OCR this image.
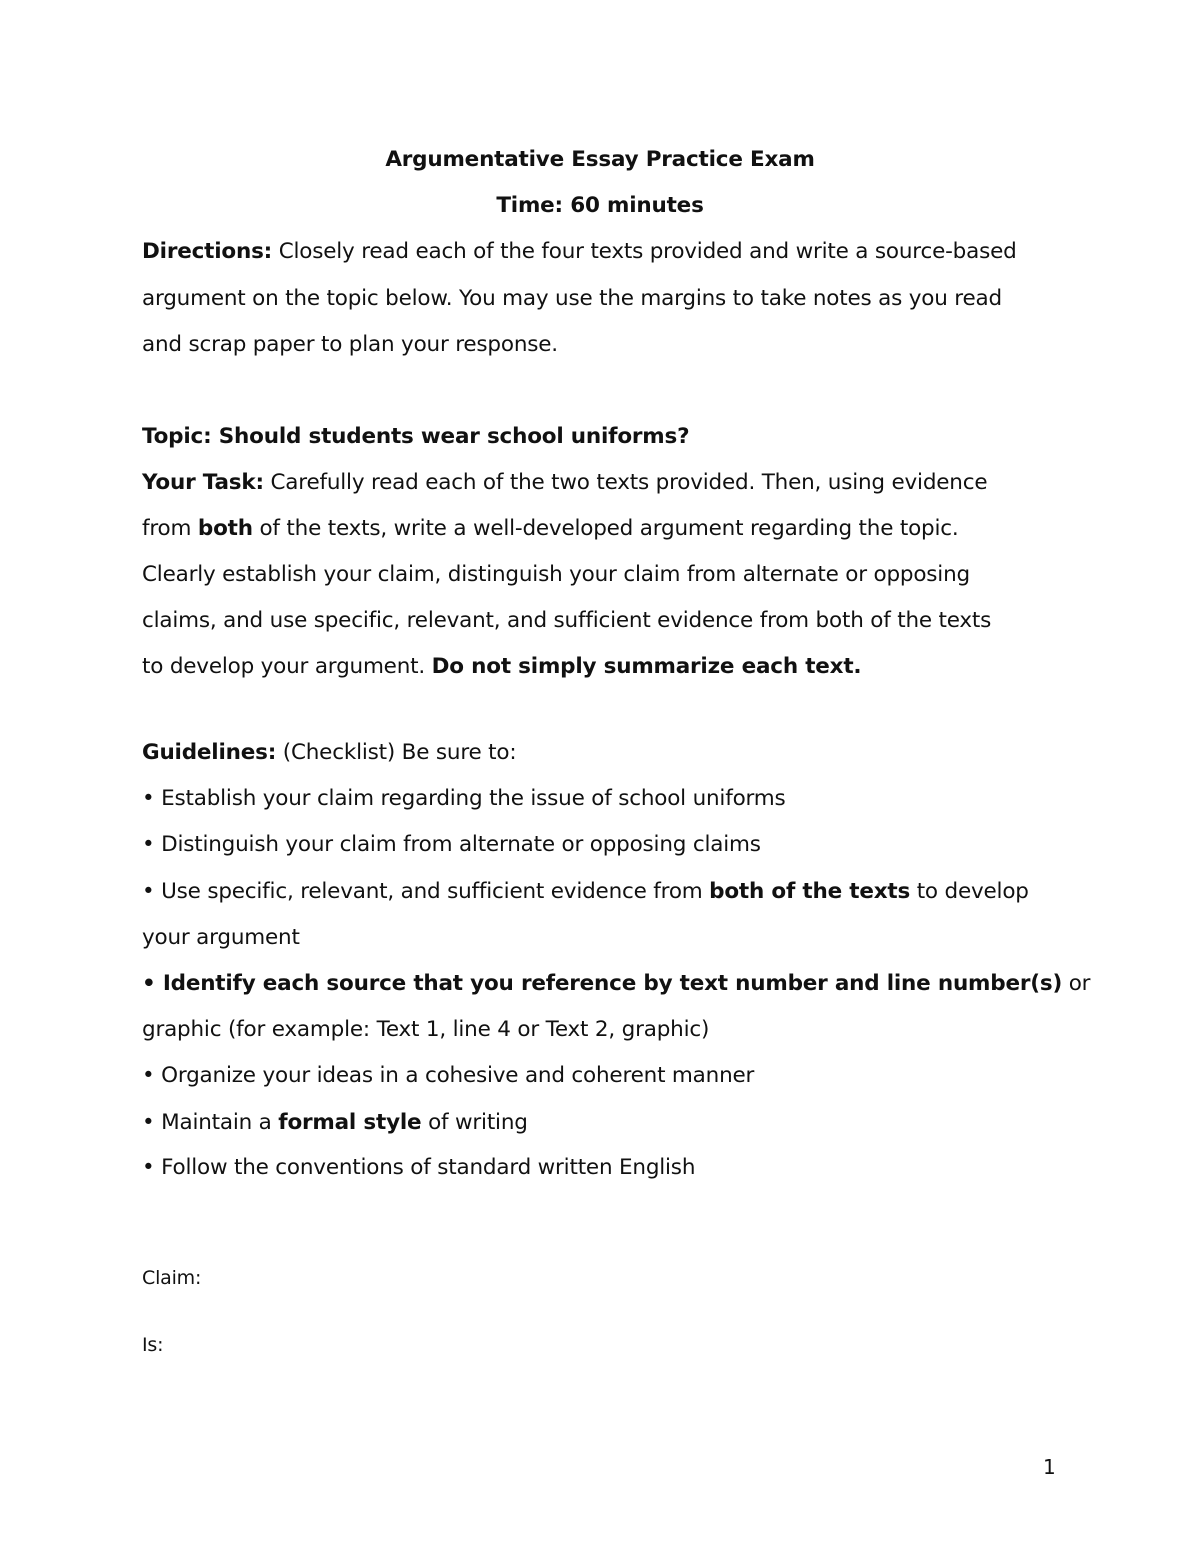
Argumentative Essay Practice Exam
Time: 60 minutes
Directions: Closely read each of the four texts provided and write a source-based
argument on the topic below. You may use the margins to take notes as you read
and scrap paper to plan your response.
Topic: Should students wear school uniforms?
Your Task: Carefully read each of the two texts provided. Then, using evidence
from both of the texts, write a well-developed argument regarding the topic.
Clearly establish your claim, distinguish your claim from alternate or opposing
claims, and use specific, relevant, and sufficient evidence from both of the texts
to develop your argument. Do not simply summarize each text.
Guidelines: (Checklist) Be sure to:
• Establish your claim regarding the issue of school uniforms
• Distinguish your claim from alternate or opposing claims
• Use specific, relevant, and sufficient evidence from both of the texts to develop
your argument
• Identify each source that you reference by text number and line number(s) or
graphic (for example: Text 1, line 4 or Text 2, graphic)
• Organize your ideas in a cohesive and coherent manner
• Maintain a formal style of writing
• Follow the conventions of standard written English
Claim:
Is:
1
